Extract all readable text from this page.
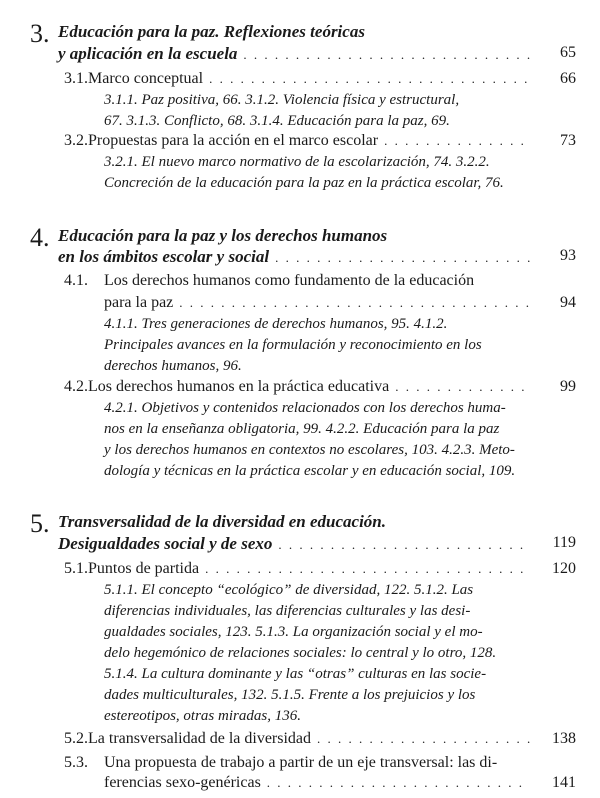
3. Educación para la paz. Reflexiones teóricas
y aplicación en la escuela . . .	65
3.1. Marco conceptual . . .	66
3.1.1. Paz positiva, 66. 3.1.2. Violencia física y estructural,
67. 3.1.3. Conflicto, 68. 3.1.4. Educación para la paz, 69.
3.2. Propuestas para la acción en el marco escolar . . .	73
3.2.1. El nuevo marco normativo de la escolarización, 74. 3.2.2.
Concreción de la educación para la paz en la práctica escolar, 76.
4. Educación para la paz y los derechos humanos
en los ámbitos escolar y social . . .	93
4.1. Los derechos humanos como fundamento de la educación
para la paz . . .	94
4.1.1. Tres generaciones de derechos humanos, 95. 4.1.2.
Principales avances en la formulación y reconocimiento en los
derechos humanos, 96.
4.2. Los derechos humanos en la práctica educativa . . .	99
4.2.1. Objetivos y contenidos relacionados con los derechos huma-
nos en la enseñanza obligatoria, 99. 4.2.2. Educación para la paz
y los derechos humanos en contextos no escolares, 103. 4.2.3. Meto-
dología y técnicas en la práctica escolar y en educación social, 109.
5. Transversalidad de la diversidad en educación.
Desigualdades social y de sexo . . .	119
5.1. Puntos de partida . . .	120
5.1.1. El concepto “ecológico” de diversidad, 122. 5.1.2. Las
diferencias individuales, las diferencias culturales y las desi-
gualdades sociales, 123. 5.1.3. La organización social y el mo-
delo hegemónico de relaciones sociales: lo central y lo otro, 128.
5.1.4. La cultura dominante y las “otras” culturas en las socie-
dades multiculturales, 132. 5.1.5. Frente a los prejuicios y los
estereotipos, otras miradas, 136.
5.2. La transversalidad de la diversidad . . .	138
5.3. Una propuesta de trabajo a partir de un eje transversal: las di-
ferencias sexo-genéricas . . .	141
